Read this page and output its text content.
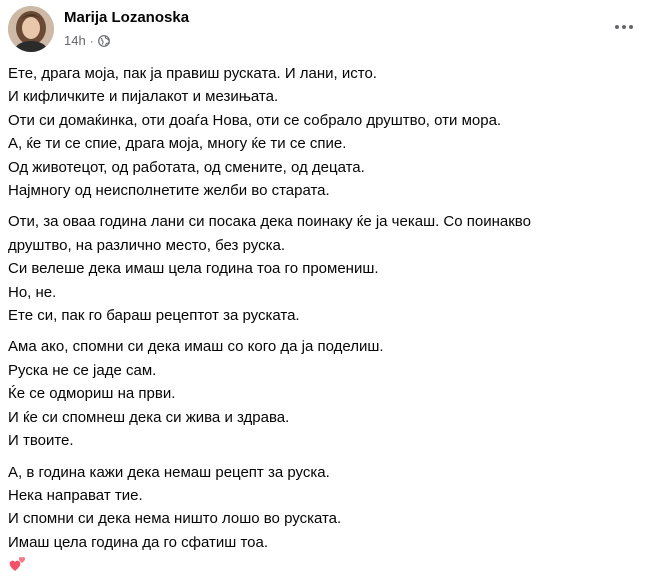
Marija Lozanoska
14h ·
Ете, драга моја, пак ја правиш руската. И лани, исто.
И кифличките и пијалакот и мезињата.
Оти си домаќинка, оти доаѓа Нова, оти се собрало друштво, оти мора.
А, ќе ти се спие, драга моја, многу ќе ти се спие.
Од животецот, од работата, од смените, од децата.
Најмногу од неисполнетите желби во старата.
Оти, за оваа година лани си посака дека поинаку ќе ја чекаш. Со поинакво
друштво, на различно место, без руска.
Си велеше дека имаш цела година тоа го промениш.
Но, не.
Ете си, пак го бараш рецептот за руската.
Ама ако, спомни си дека имаш со кого да ја поделиш.
Руска не се јаде сам.
Ќе се одмориш на први.
И ќе си спомнеш дека си жива и здрава.
И твоите.
А, в година кажи дека немаш рецепт за руска.
Нека направат тие.
И спомни си дека нема ништо лошо во руската.
Имаш цела година да го сфатиш тоа.
